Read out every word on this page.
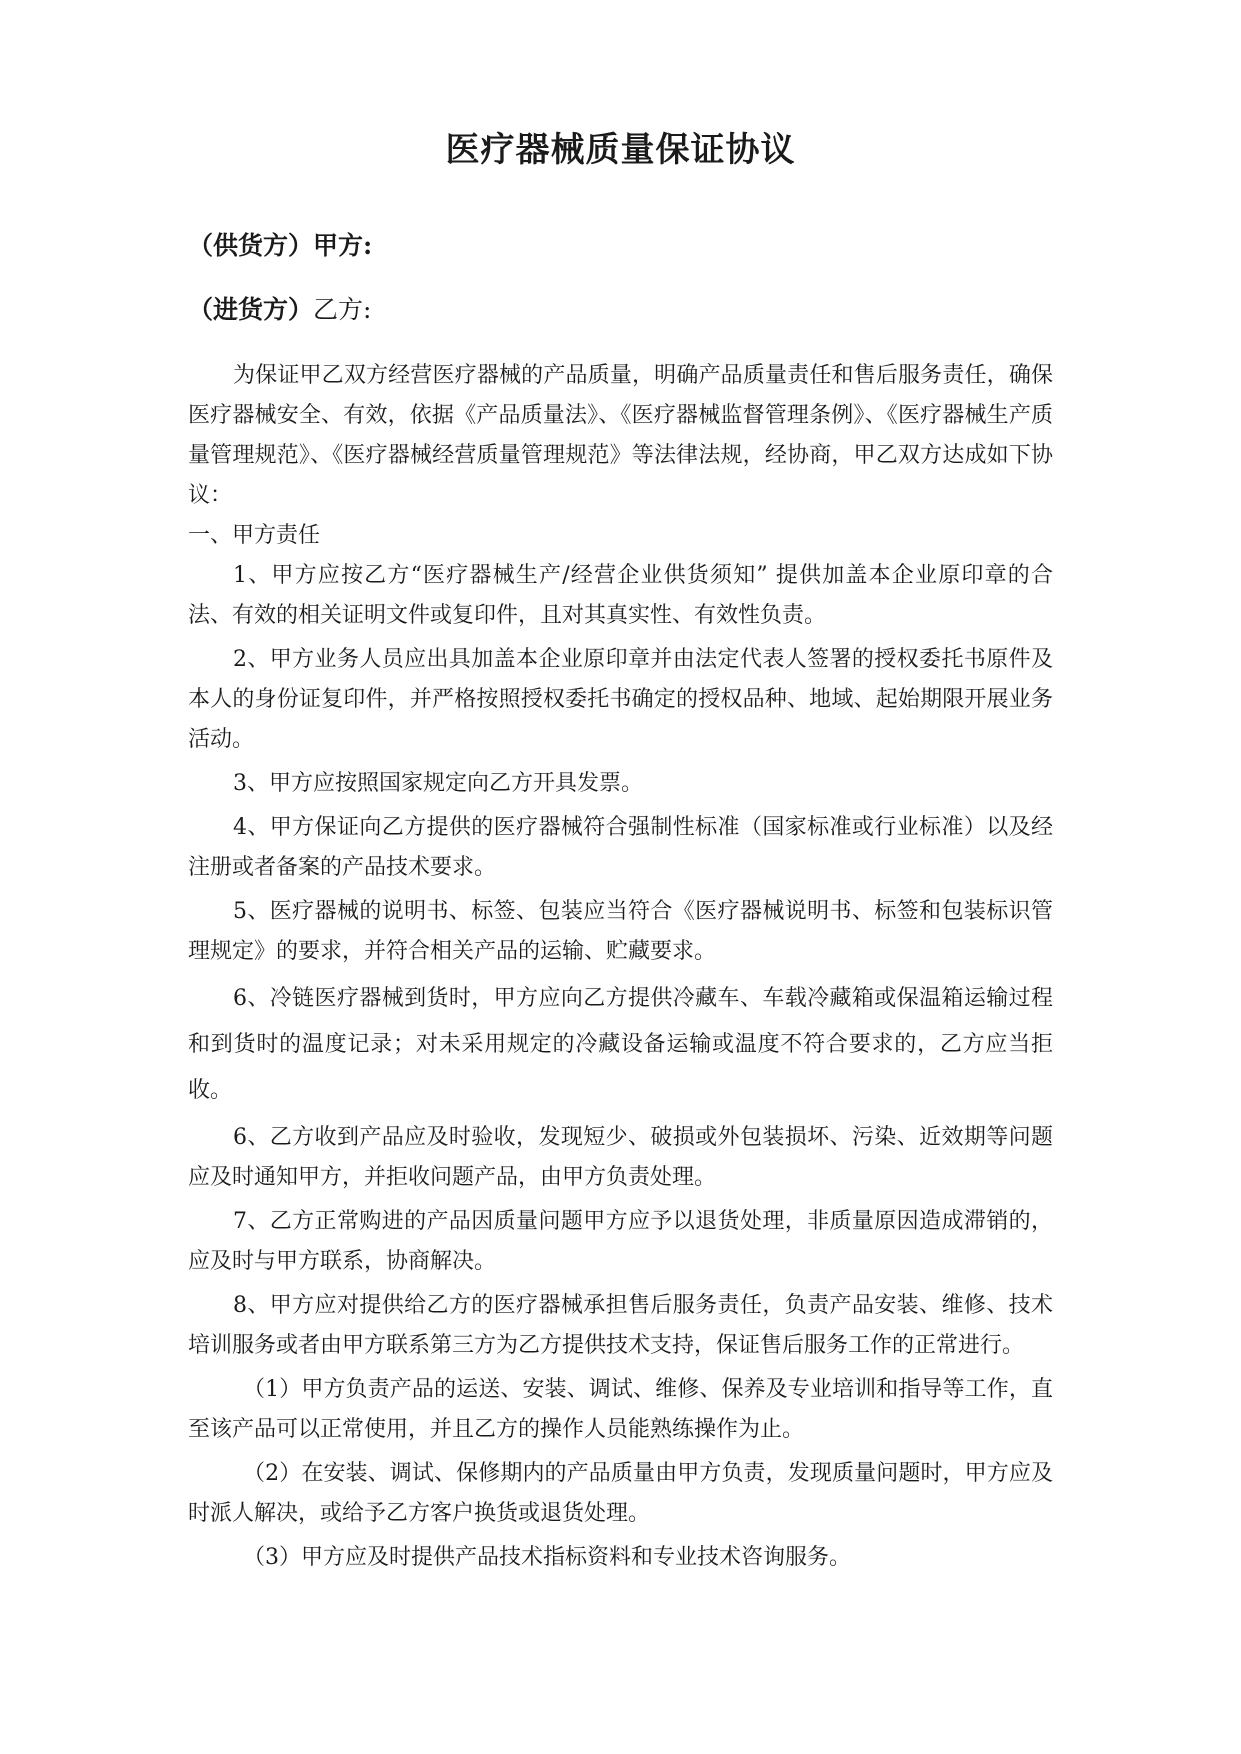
医疗器械质量保证协议

（供货方）甲方:

（进货方）乙方:

为保证甲乙双方经营医疗器械的产品质量，明确产品质量责任和售后服务责任，确保医疗器械安全、有效，依据《产品质量法》、《医疗器械监督管理条例》、《医疗器械生产质量管理规范》、《医疗器械经营质量管理规范》等法律法规，经协商，甲乙双方达成如下协议：

一、甲方责任

1、甲方应按乙方“医疗器械生产/经营企业供货须知” 提供加盖本企业原印章的合法、有效的相关证明文件或复印件，且对其真实性、有效性负责。

2、甲方业务人员应出具加盖本企业原印章并由法定代表人签署的授权委托书原件及本人的身份证复印件，并严格按照授权委托书确定的授权品种、地域、起始期限开展业务活动。

3、甲方应按照国家规定向乙方开具发票。

4、甲方保证向乙方提供的医疗器械符合强制性标准（国家标准或行业标准）以及经注册或者备案的产品技术要求。

5、医疗器械的说明书、标签、包装应当符合《医疗器械说明书、标签和包装标识管理规定》的要求，并符合相关产品的运输、贮藏要求。

6、冷链医疗器械到货时，甲方应向乙方提供冷藏车、车载冷藏箱或保温箱运输过程和到货时的温度记录；对未采用规定的冷藏设备运输或温度不符合要求的，乙方应当拒收。

6、乙方收到产品应及时验收，发现短少、破损或外包装损坏、污染、近效期等问题应及时通知甲方，并拒收问题产品，由甲方负责处理。

7、乙方正常购进的产品因质量问题甲方应予以退货处理，非质量原因造成滞销的，应及时与甲方联系，协商解决。

8、甲方应对提供给乙方的医疗器械承担售后服务责任，负责产品安装、维修、技术培训服务或者由甲方联系第三方为乙方提供技术支持，保证售后服务工作的正常进行。

（1）甲方负责产品的运送、安装、调试、维修、保养及专业培训和指导等工作，直至该产品可以正常使用，并且乙方的操作人员能熟练操作为止。

（2）在安装、调试、保修期内的产品质量由甲方负责，发现质量问题时，甲方应及时派人解决，或给予乙方客户换货或退货处理。

（3）甲方应及时提供产品技术指标资料和专业技术咨询服务。
